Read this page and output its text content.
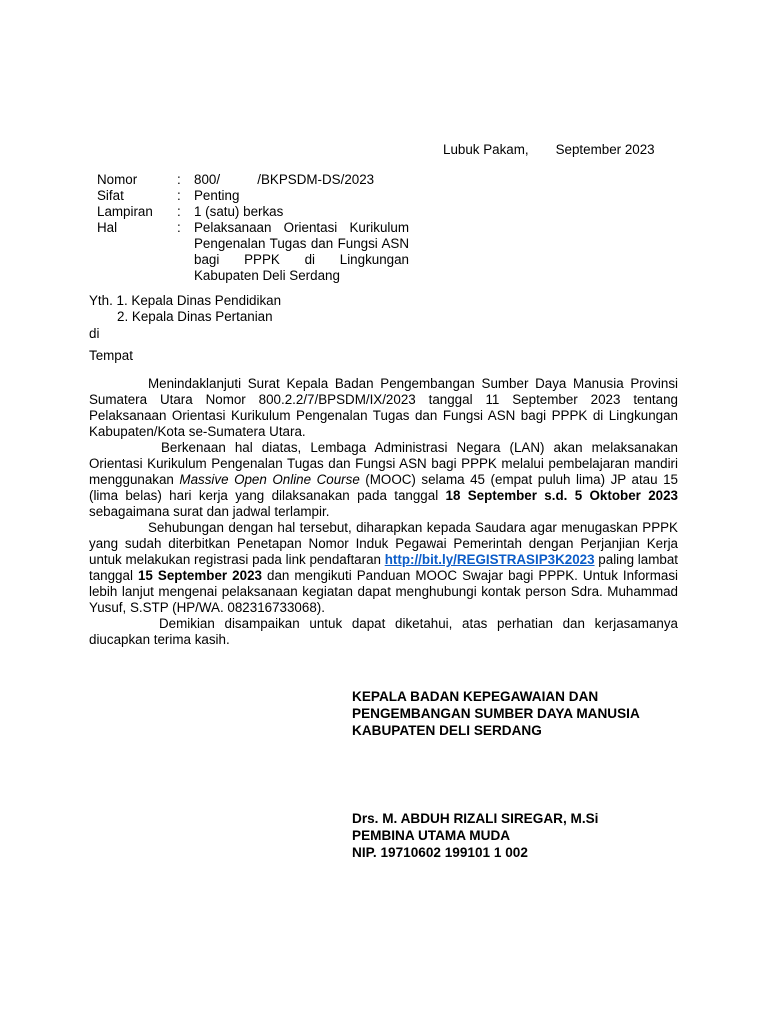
Lubuk Pakam, September 2023
Nomor	: 800/          /BKPSDM-DS/2023
Sifat	: Penting
Lampiran	: 1 (satu) berkas
Hal	: Pelaksanaan Orientasi Kurikulum Pengenalan Tugas dan Fungsi ASN bagi PPPK di Lingkungan Kabupaten Deli Serdang
Yth. 1. Kepala Dinas Pendidikan
2. Kepala Dinas Pertanian
di
Tempat

Menindaklanjuti Surat Kepala Badan Pengembangan Sumber Daya Manusia Provinsi Sumatera Utara Nomor 800.2.2/7/BPSDM/IX/2023 tanggal 11 September 2023 tentang Pelaksanaan Orientasi Kurikulum Pengenalan Tugas dan Fungsi ASN bagi PPPK di Lingkungan Kabupaten/Kota se-Sumatera Utara.

Berkenaan hal diatas, Lembaga Administrasi Negara (LAN) akan melaksanakan Orientasi Kurikulum Pengenalan Tugas dan Fungsi ASN bagi PPPK melalui pembelajaran mandiri menggunakan Massive Open Online Course (MOOC) selama 45 (empat puluh lima) JP atau 15 (lima belas) hari kerja yang dilaksanakan pada tanggal 18 September s.d. 5 Oktober 2023 sebagaimana surat dan jadwal terlampir.

Sehubungan dengan hal tersebut, diharapkan kepada Saudara agar menugaskan PPPK yang sudah diterbitkan Penetapan Nomor Induk Pegawai Pemerintah dengan Perjanjian Kerja untuk melakukan registrasi pada link pendaftaran http://bit.ly/REGISTRASIP3K2023 paling lambat tanggal 15 September 2023 dan mengikuti Panduan MOOC Swajar bagi PPPK. Untuk Informasi lebih lanjut mengenai pelaksanaan kegiatan dapat menghubungi kontak person Sdra. Muhammad Yusuf, S.STP (HP/WA. 082316733068).

Demikian disampaikan untuk dapat diketahui, atas perhatian dan kerjasamanya diucapkan terima kasih.

KEPALA BADAN KEPEGAWAIAN DAN
PENGEMBANGAN SUMBER DAYA MANUSIA
KABUPATEN DELI SERDANG
Drs. M. ABDUH RIZALI SIREGAR, M.Si
PEMBINA UTAMA MUDA
NIP. 19710602 199101 1 002
